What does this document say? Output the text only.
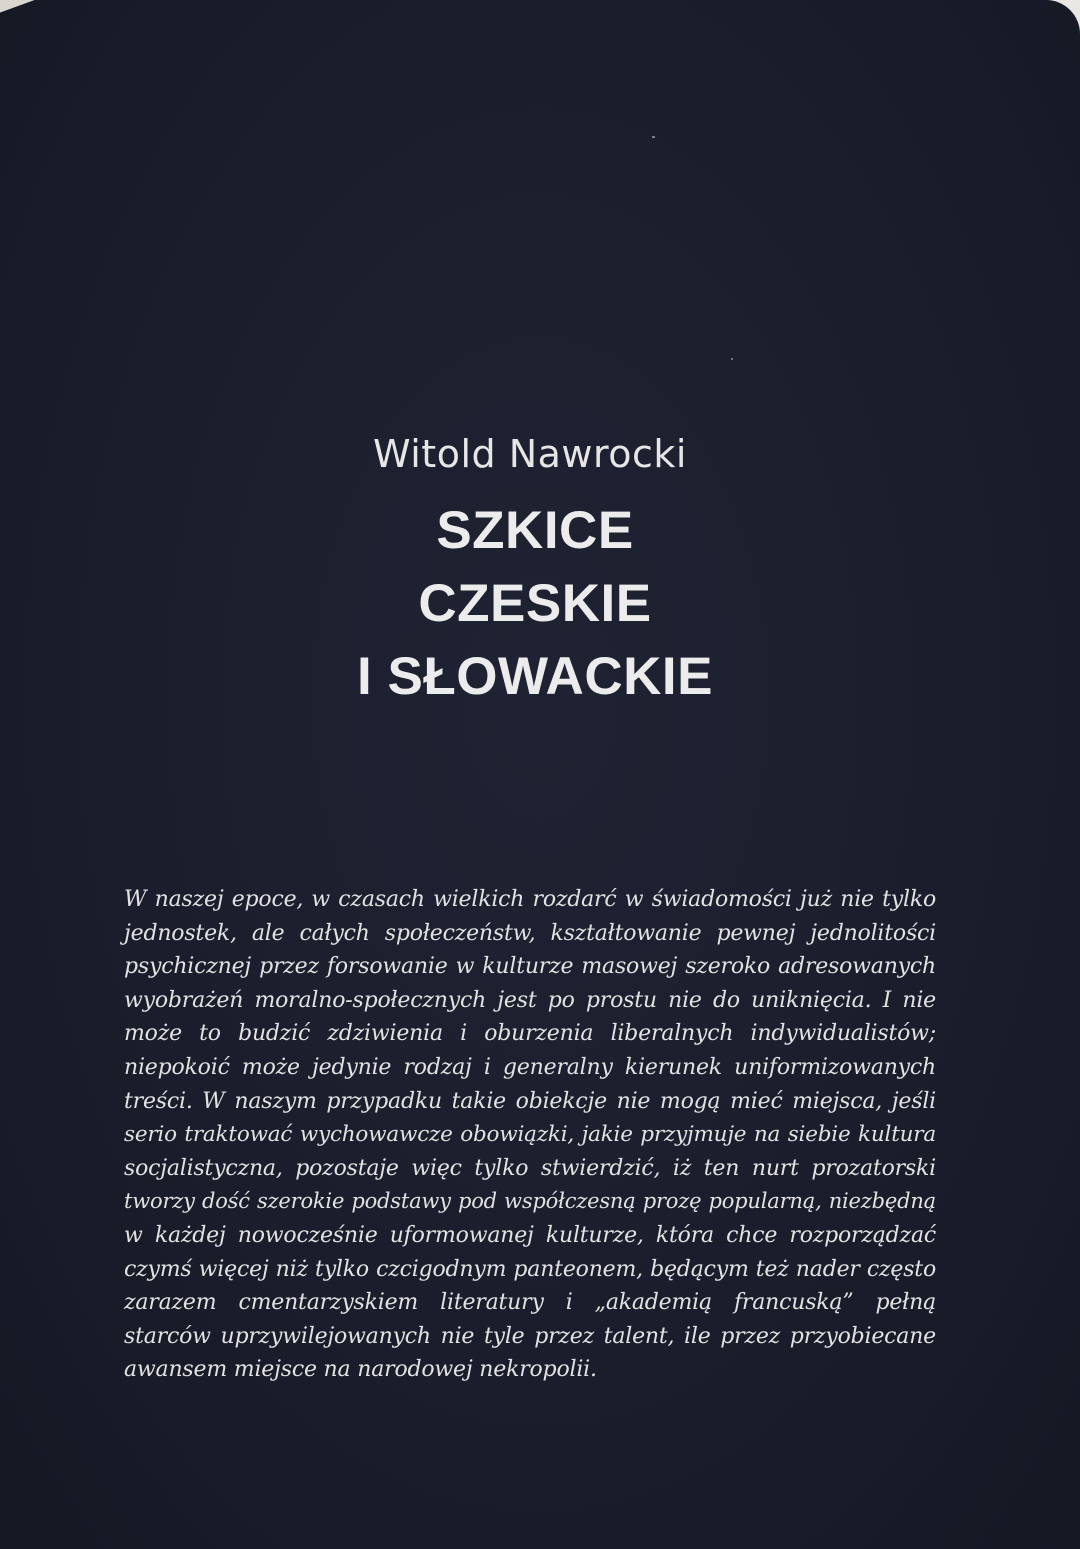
Witold Nawrocki
SZKICE
CZESKIE
I SŁOWACKIE
W naszej epoce, w czasach wielkich rozdarć w świadomości już nie tylko
jednostek, ale całych społeczeństw, kształtowanie pewnej jednolitości
psychicznej przez forsowanie w kulturze masowej szeroko adresowanych
wyobrażeń moralno-społecznych jest po prostu nie do uniknięcia. I nie
może to budzić zdziwienia i oburzenia liberalnych indywidualistów;
niepokoić może jedynie rodzaj i generalny kierunek uniformizowanych
treści. W naszym przypadku takie obiekcje nie mogą mieć miejsca, jeśli
serio traktować wychowawcze obowiązki, jakie przyjmuje na siebie kultura
socjalistyczna, pozostaje więc tylko stwierdzić, iż ten nurt prozatorski
tworzy dość szerokie podstawy pod współczesną prozę popularną, niezbędną
w każdej nowocześnie uformowanej kulturze, która chce rozporządzać
czymś więcej niż tylko czcigodnym panteonem, będącym też nader często
zarazem cmentarzyskiem literatury i „akademią francuską” pełną
starców uprzywilejowanych nie tyle przez talent, ile przez przyobiecane
awansem miejsce na narodowej nekropolii.
